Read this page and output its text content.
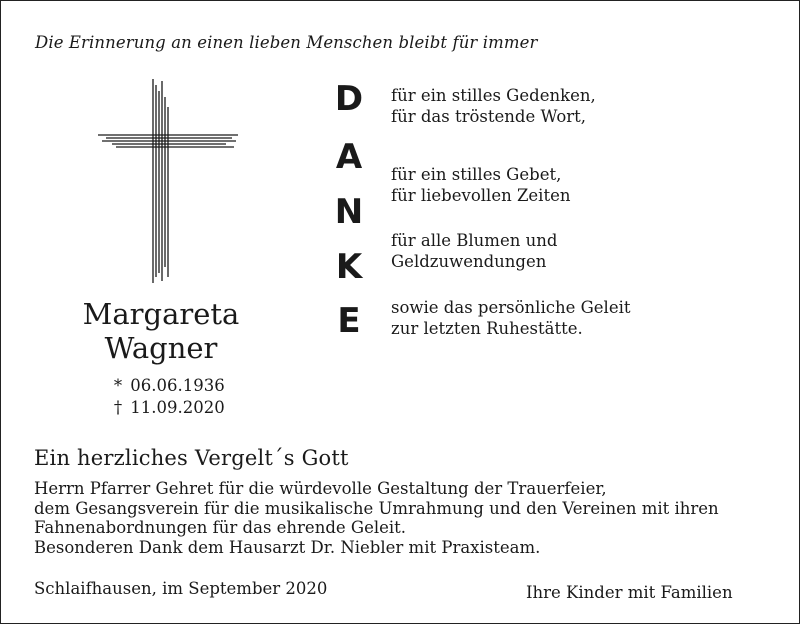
Die Erinnerung an einen lieben Menschen bleibt für immer
Margareta
Wagner
* 06.06.1936
† 11.09.2020
D
A
N
K
E
für ein stilles Gedenken,
für das tröstende Wort,
für ein stilles Gebet,
für liebevollen Zeiten
für alle Blumen und
Geldzuwendungen
sowie das persönliche Geleit
zur letzten Ruhestätte.
Ein herzliches Vergelt´s Gott
Herrn Pfarrer Gehret für die würdevolle Gestaltung der Trauerfeier,
dem Gesangsverein für die musikalische Umrahmung und den Vereinen mit ihren
Fahnenabordnungen für das ehrende Geleit.
Besonderen Dank dem Hausarzt Dr. Niebler mit Praxisteam.
Schlaifhausen, im September 2020	Ihre Kinder mit Familien
